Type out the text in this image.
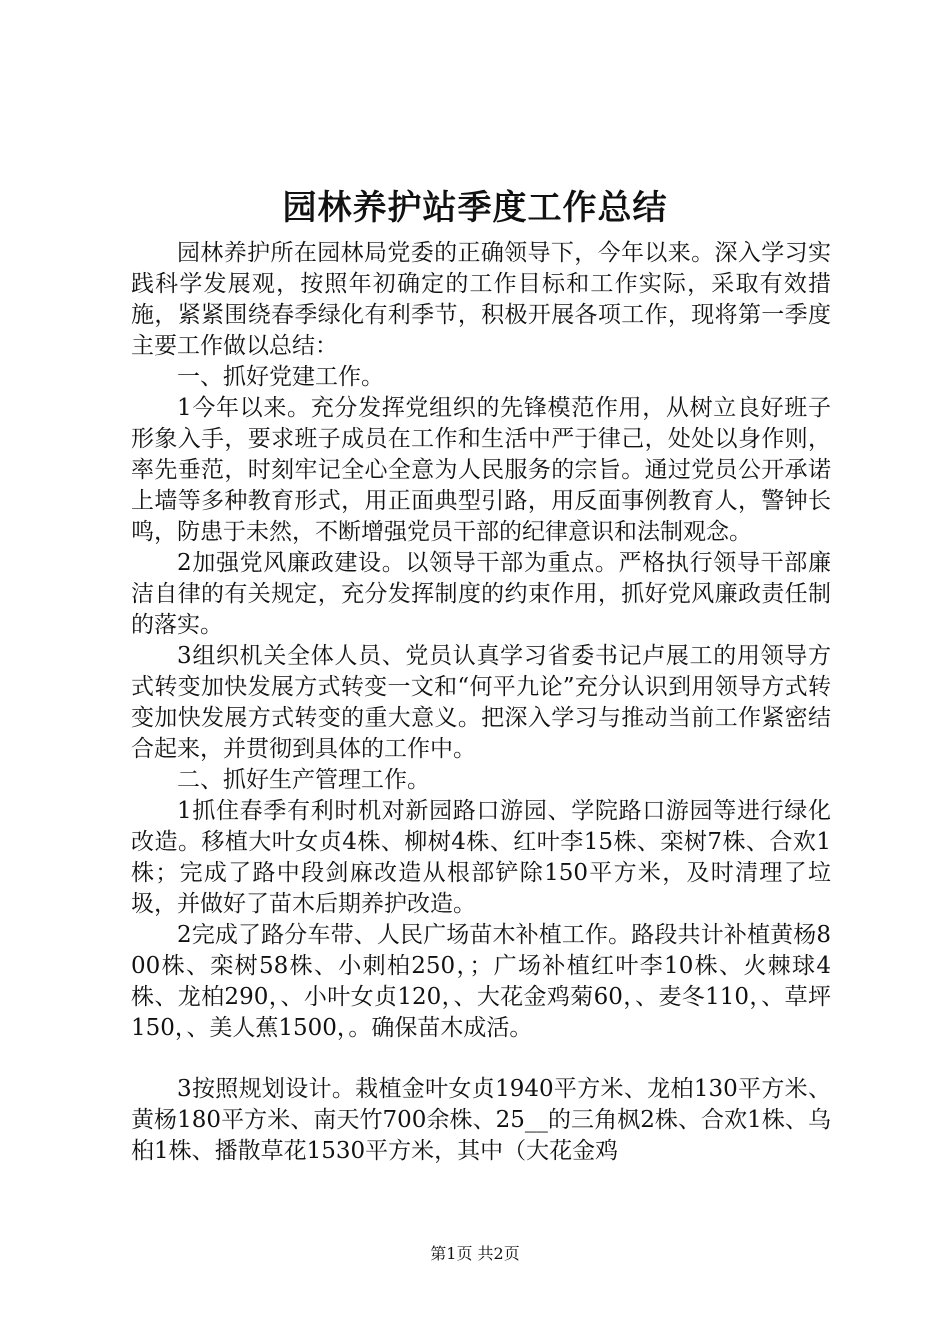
园林养护站季度工作总结

园林养护所在园林局党委的正确领导下，今年以来。深入学习实践科学发展观，按照年初确定的工作目标和工作实际，采取有效措施，紧紧围绕春季绿化有利季节，积极开展各项工作，现将第一季度主要工作做以总结：

一、抓好党建工作。

1今年以来。充分发挥党组织的先锋模范作用，从树立良好班子形象入手，要求班子成员在工作和生活中严于律己，处处以身作则，率先垂范，时刻牢记全心全意为人民服务的宗旨。通过党员公开承诺上墙等多种教育形式，用正面典型引路，用反面事例教育人，警钟长鸣，防患于未然，不断增强党员干部的纪律意识和法制观念。

2加强党风廉政建设。以领导干部为重点。严格执行领导干部廉洁自律的有关规定，充分发挥制度的约束作用，抓好党风廉政责任制的落实。

3组织机关全体人员、党员认真学习省委书记卢展工的用领导方式转变加快发展方式转变一文和“何平九论”充分认识到用领导方式转变加快发展方式转变的重大意义。把深入学习与推动当前工作紧密结合起来，并贯彻到具体的工作中。

二、抓好生产管理工作。

1抓住春季有利时机对新园路口游园、学院路口游园等进行绿化改造。移植大叶女贞4株、柳树4株、红叶李15株、栾树7株、合欢1株；完成了路中段剑麻改造从根部铲除150平方米，及时清理了垃圾，并做好了苗木后期养护改造。

2完成了路分车带、人民广场苗木补植工作。路段共计补植黄杨800株、栾树58株、小刺柏250，；广场补植红叶李10株、火棘球4株、龙柏290，、小叶女贞120，、大花金鸡菊60，、麦冬110，、草坪150，、美人蕉1500，。确保苗木成活。

3按照规划设计。栽植金叶女贞1940平方米、龙柏130平方米、黄杨180平方米、南天竹700余株、25__的三角枫2株、合欢1株、乌桕1株、播散草花1530平方米，其中（大花金鸡

第1页 共2页
